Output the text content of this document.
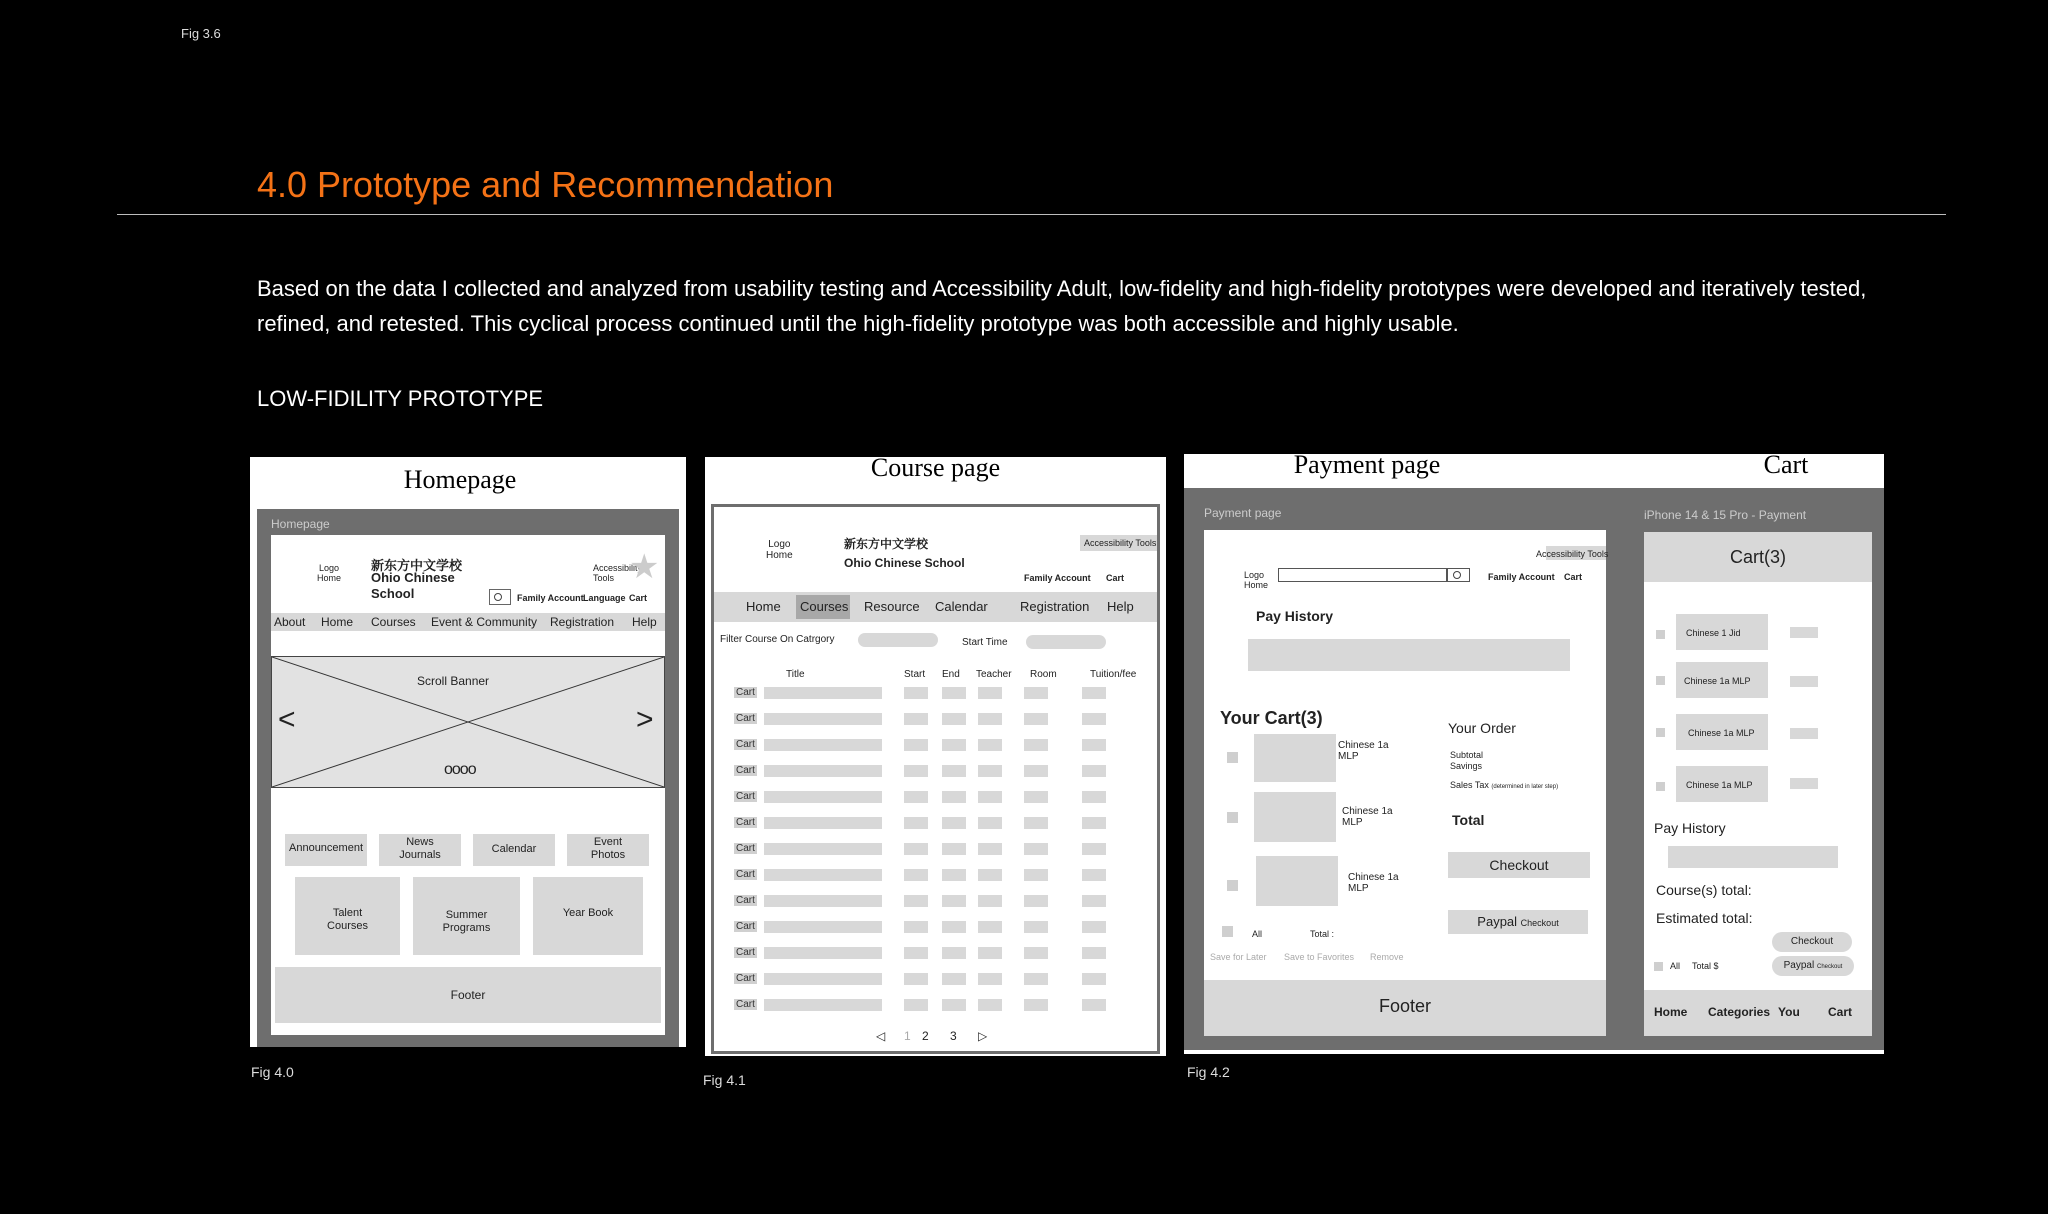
Fig 3.6
4.0 Prototype and Recommendation
Based on the data I collected and analyzed from usability testing and Accessibility Adult, low-fidelity and high-fidelity prototypes were developed and iteratively tested, refined, and retested. This cyclical process continued until the high-fidelity prototype was both accessible and highly usable.
LOW-FIDILITY PROTOTYPE
Homepage
Homepage
Logo
Home
新东方中文学校
Ohio Chinese
School
Accessibility
Tools ★
Family Account Language Cart
About Home Courses Event & Community Registration Help
Scroll Banner
<	>
oooo
Announcement	News
Journals	Calendar
Event
Photos
Talent
Courses
Summer
Programs
Year Book
Footer
Fig 4.0
Course page
Logo
Home
新东方中文学校
Ohio Chinese School
Accessibility Tools
Family Account Cart
Home Courses Resource Calendar Registration Help
Filter Course On Catrgory	Start Time
Title	Start End Teacher Room	Tuition/fee
Cart
Cart
Cart
Cart
Cart
Cart
Cart
Cart
Cart
Cart
Cart
Cart
Cart
◁ 1 2 3 ▷
Fig 4.1
Payment page	Cart
Payment page
Accessibility Tools
Logo
Home
Family Account Cart
Pay History
Your Cart(3)
Chinese 1a
MLP
Chinese 1a
MLP
Chinese 1a
MLP
Your Order
Subtotal
Savings
Sales Tax (determined in later step)
Total
Checkout
Paypal Checkout
All	Total :
Save for Later Save to Favorites Remove
Footer
iPhone 14 & 15 Pro - Payment
Cart(3)
Chinese 1 Jid
Chinese 1a MLP
Chinese 1a MLP
Chinese 1a MLP
Pay History
Course(s) total:
Estimated total:
Checkout
All Total $	Paypal Checkout
Home Categories You Cart
Fig 4.2
